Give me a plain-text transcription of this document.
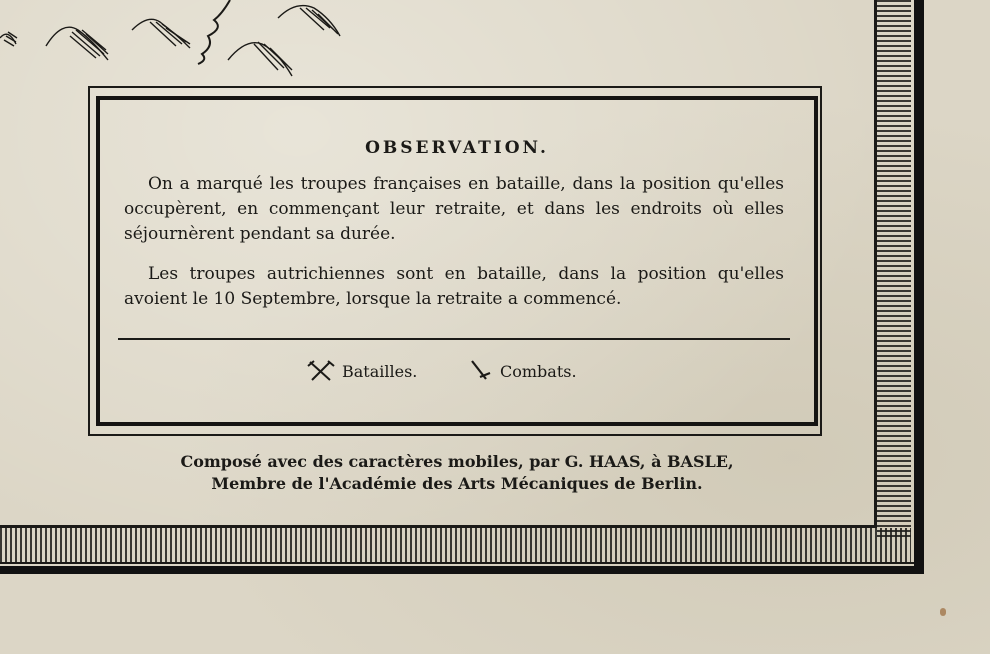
OBSERVATION.
On a marqué les troupes françaises en bataille, dans la position qu'elles occupèrent, en commençant leur retraite, et dans les endroits où elles séjournèrent pendant sa durée.
Les troupes autrichiennes sont en bataille, dans la position qu'elles avoient le 10 Septembre, lorsque la retraite a commencé.
Batailles.	Combats.
Composé avec des caractères mobiles, par G. HAAS, à BASLE,
Membre de l'Académie des Arts Mécaniques de Berlin.
